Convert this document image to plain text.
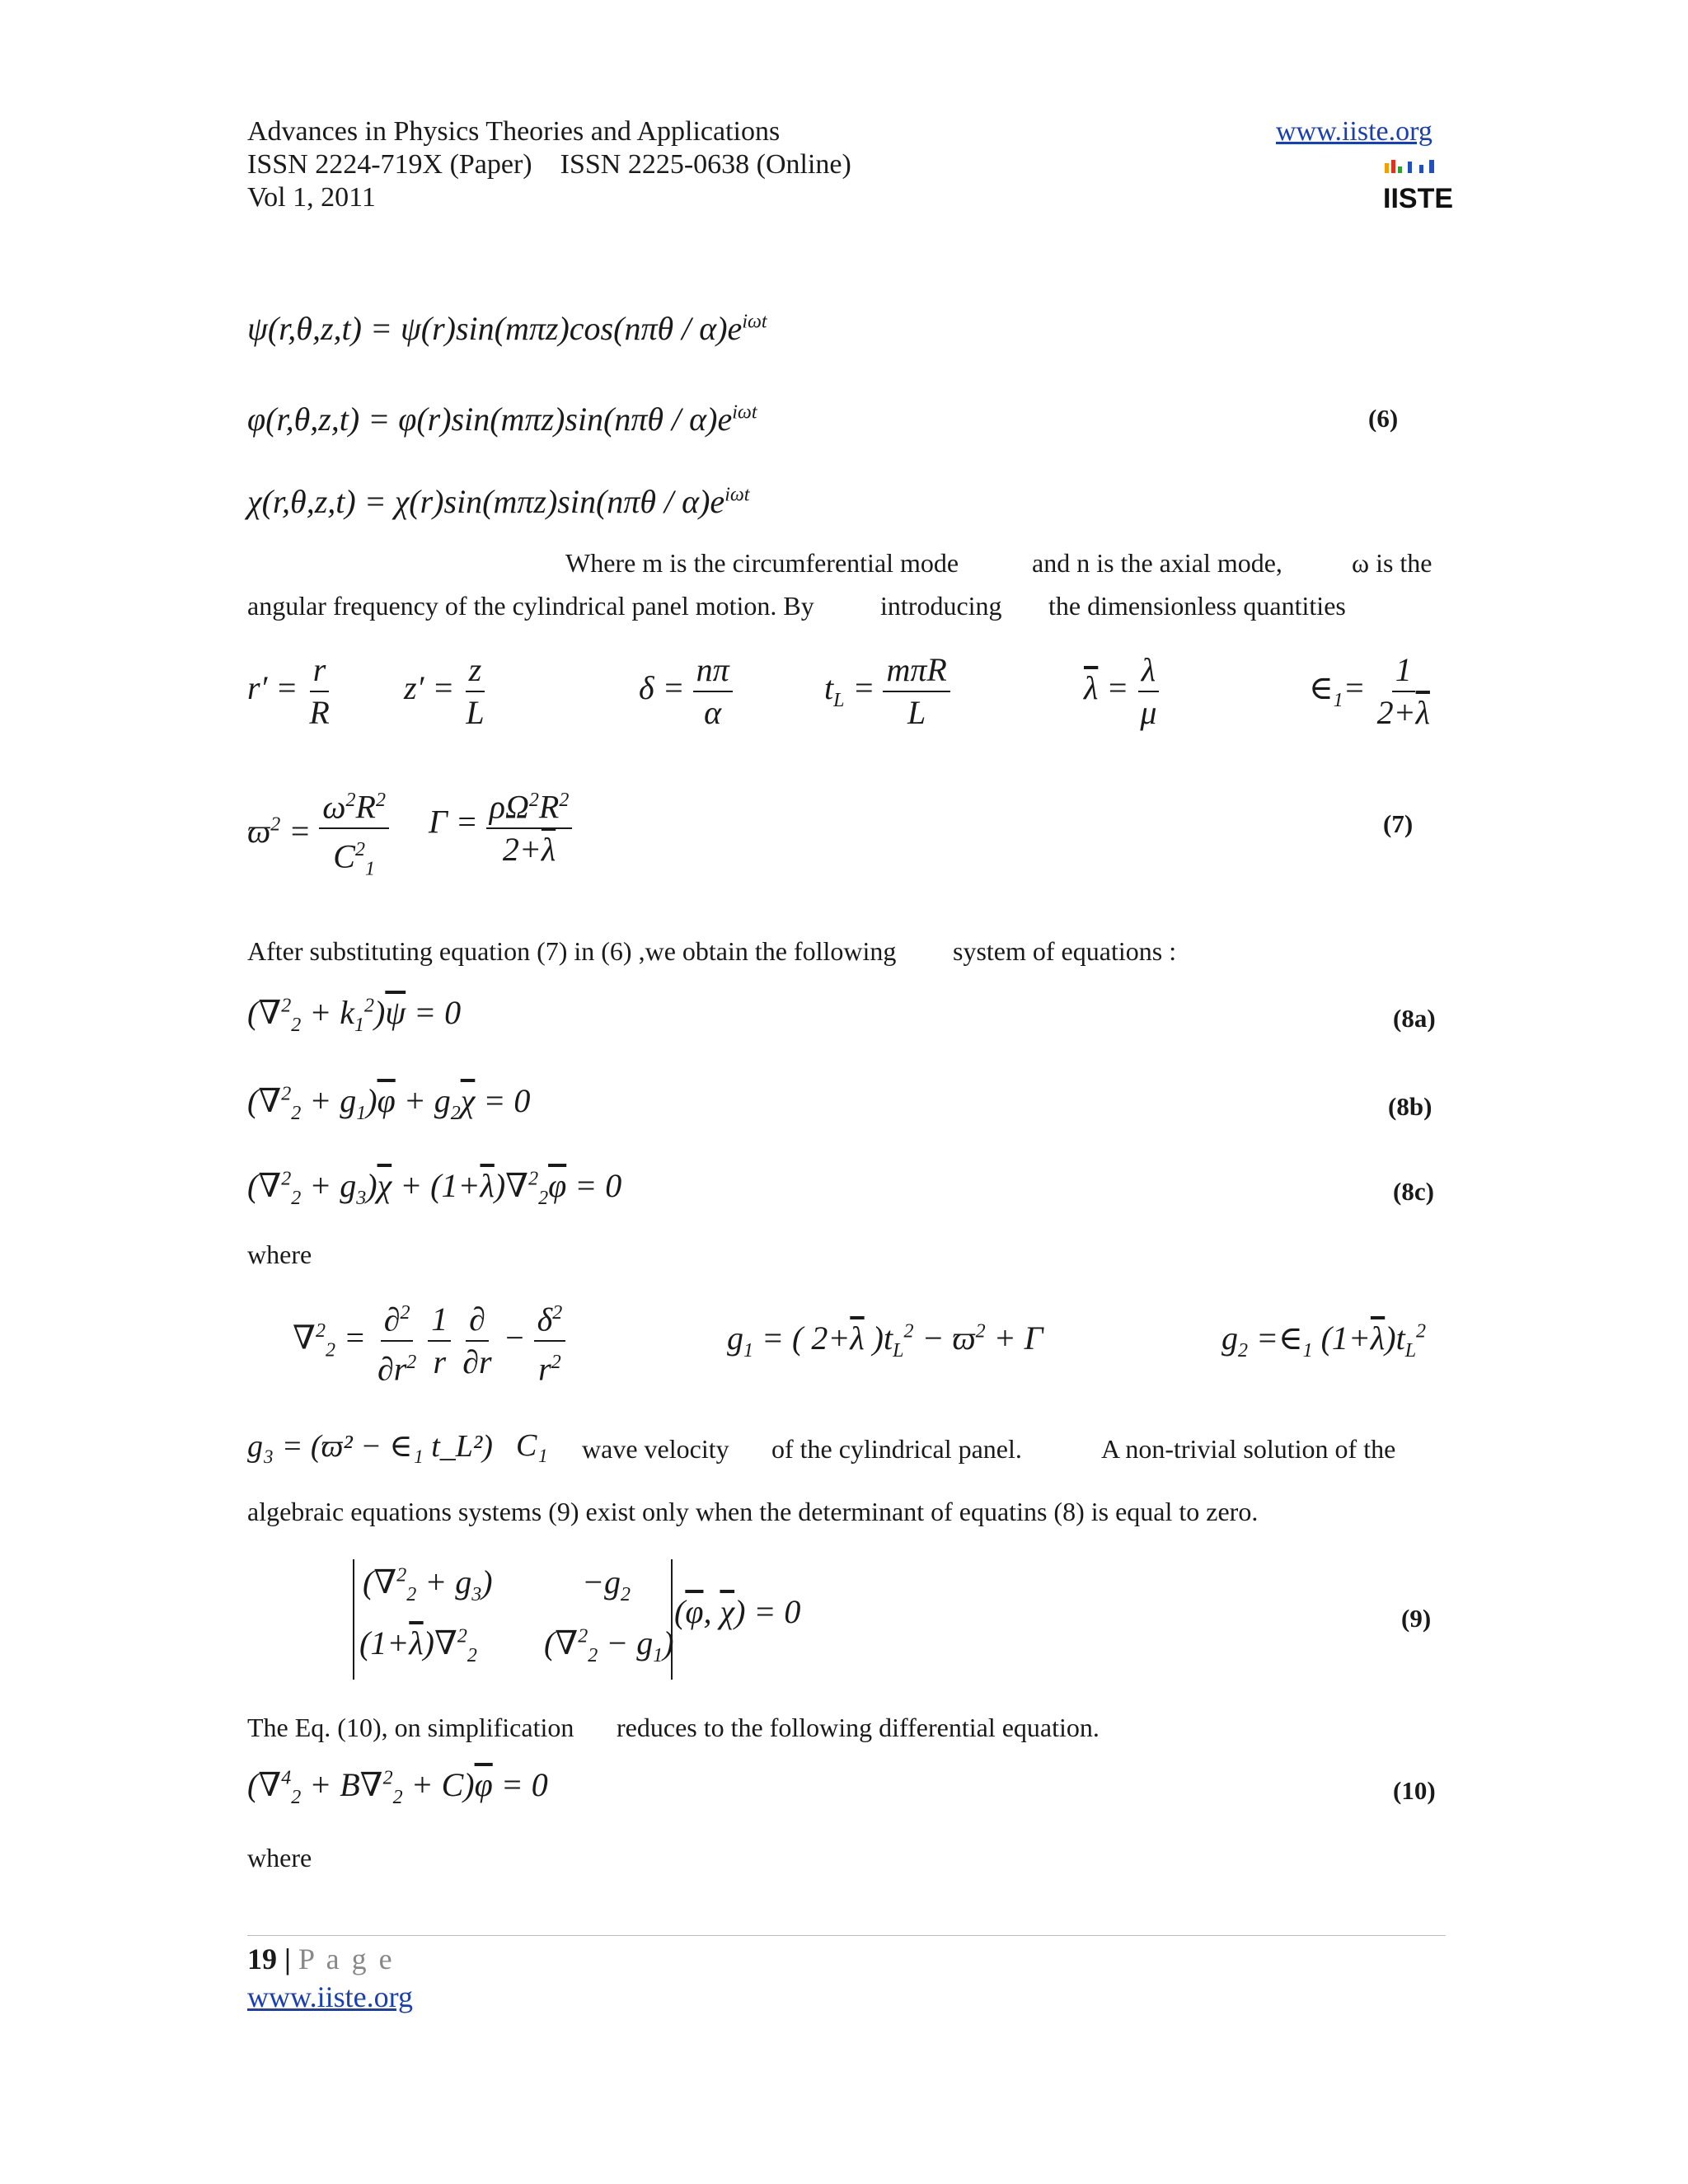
Advances in Physics Theories and Applications
ISSN 2224-719X (Paper)    ISSN 2225-0638 (Online)
Vol 1, 2011
www.iiste.org
IISTE
$\psi(r,\theta,z,t) = \psi(r)\sin(m\pi z)\cos(n\pi\theta / \alpha)e^{i\omega t}$
$\varphi(r,\theta,z,t) = \varphi(r)\sin(m\pi z)\sin(n\pi\theta / \alpha)e^{i\omega t}$	(6)
$\chi(r,\theta,z,t) = \chi(r)\sin(m\pi z)\sin(n\pi\theta / \alpha)e^{i\omega t}$
Where m is the circumferential mode	and n is the axial mode,	ω is the
angular frequency of the cylindrical panel motion. By	introducing the dimensionless quantities
$r' = \frac{r}{R} z' = \frac{z}{L}$	$\delta = \frac{n\pi}{\alpha}$	$t_L = \frac{\text{mπR}}{L}$	$\overline{\lambda} = \frac{\lambda}{\mu}$	$\in_1= \frac{1}{2+\overline{\lambda}}$
$ϖ^2 = \frac{\omega^2R^2}{C^2_1}$ $\Gamma = \frac{\rho\Omega^2R^2}{2+\overline{\lambda}}$	(7)
After substituting equation (7) in (6) ,we obtain the following system of equations :
$(\nabla^2_2 + k_1^2)\overline{\psi} = 0$	(8a)
$(\nabla^2_2 + g_1)\overline{\varphi} + g_2\overline{\chi} = 0$	(8b)
$(\nabla^2_2 + g_3)\overline{\chi} + (1+\overline{\lambda})\nabla^2_2\overline{\varphi} = 0$	(8c)
where
$\nabla^2_2 = \frac{\partial^2}{\partial r^2}$
$\frac{1}{r}$
$\frac{\partial}{\partial r} - \frac{\delta^2}{r^2}$	$g_1$ = ( $2+\overline{\lambda}$ )$t_L^2 - ϖ^2 + \Gamma$	$g_2$ $=\in_1$ $(1+\overline{\lambda})t_L^2$
g₃ = (ϖ² − ∈₁ t_L²) C₁ wave velocity of the cylindrical panel.	A non-trivial solution of the
algebraic equations systems (9) exist only when the determinant of equatins (8) is equal to zero.
$(\nabla^2_2 + g_3)$	$-g_2$
$(1+\overline{\lambda})\nabla^2_2$ $(\nabla^2_2 - g_1)$
($\overline{\varphi}$, $\overline{\chi}) = 0$	(9)
The Eq. (10), on simplification reduces to the following differential equation.
$(\nabla^4_2 + B\nabla^2_2 + C)\overline{\varphi} = 0$	(10)
where
19 | P a g e
www.iiste.org
